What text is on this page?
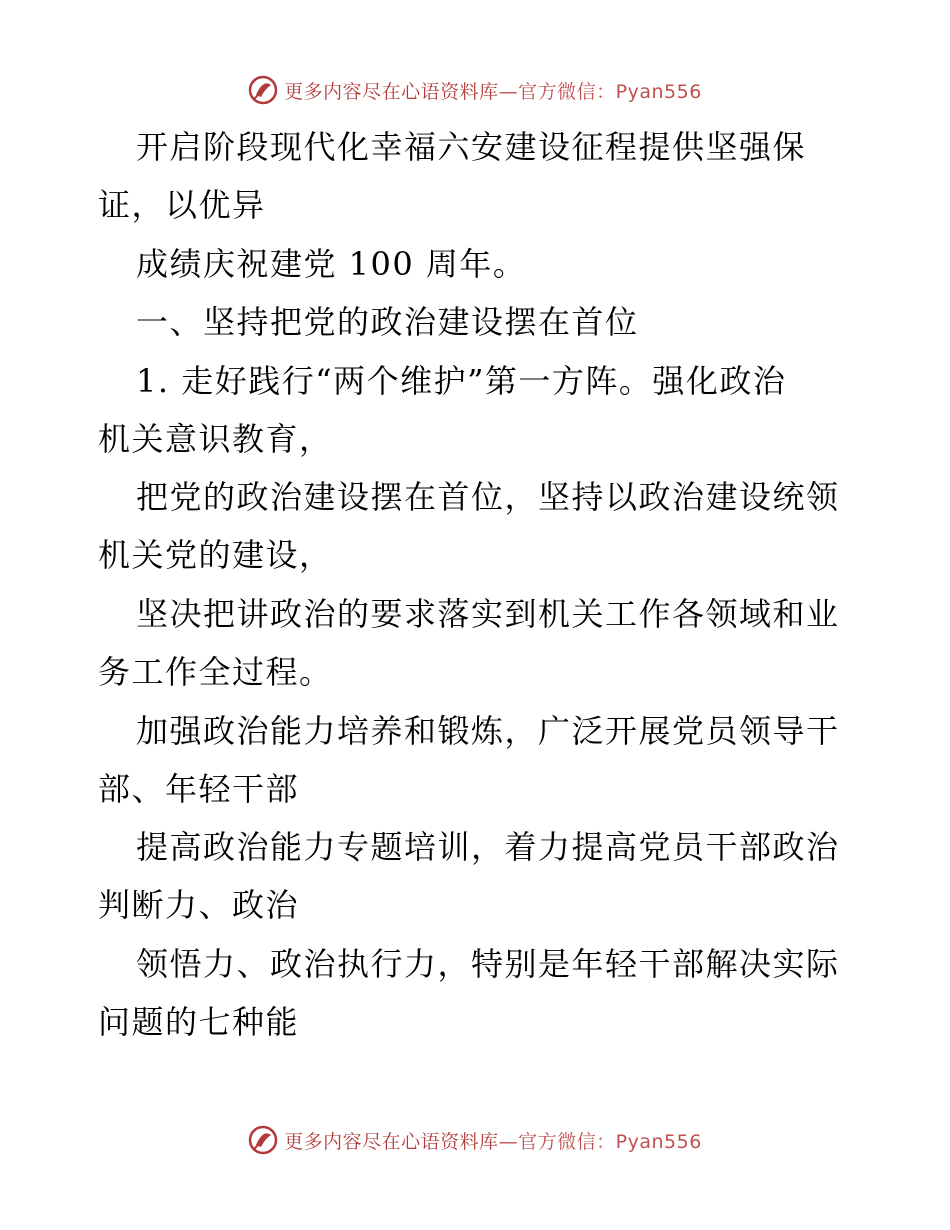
更多内容尽在心语资料库—官方微信：Pyan556
开启阶段现代化幸福六安建设征程提供坚强保
证，以优异
成绩庆祝建党 100 周年。
一、坚持把党的政治建设摆在首位
1. 走好践行“两个维护”第一方阵。强化政治
机关意识教育，
把党的政治建设摆在首位，坚持以政治建设统领
机关党的建设，
坚决把讲政治的要求落实到机关工作各领域和业
务工作全过程。
加强政治能力培养和锻炼，广泛开展党员领导干
部、年轻干部
提高政治能力专题培训，着力提高党员干部政治
判断力、政治
领悟力、政治执行力，特别是年轻干部解决实际
问题的七种能
更多内容尽在心语资料库—官方微信：Pyan556
